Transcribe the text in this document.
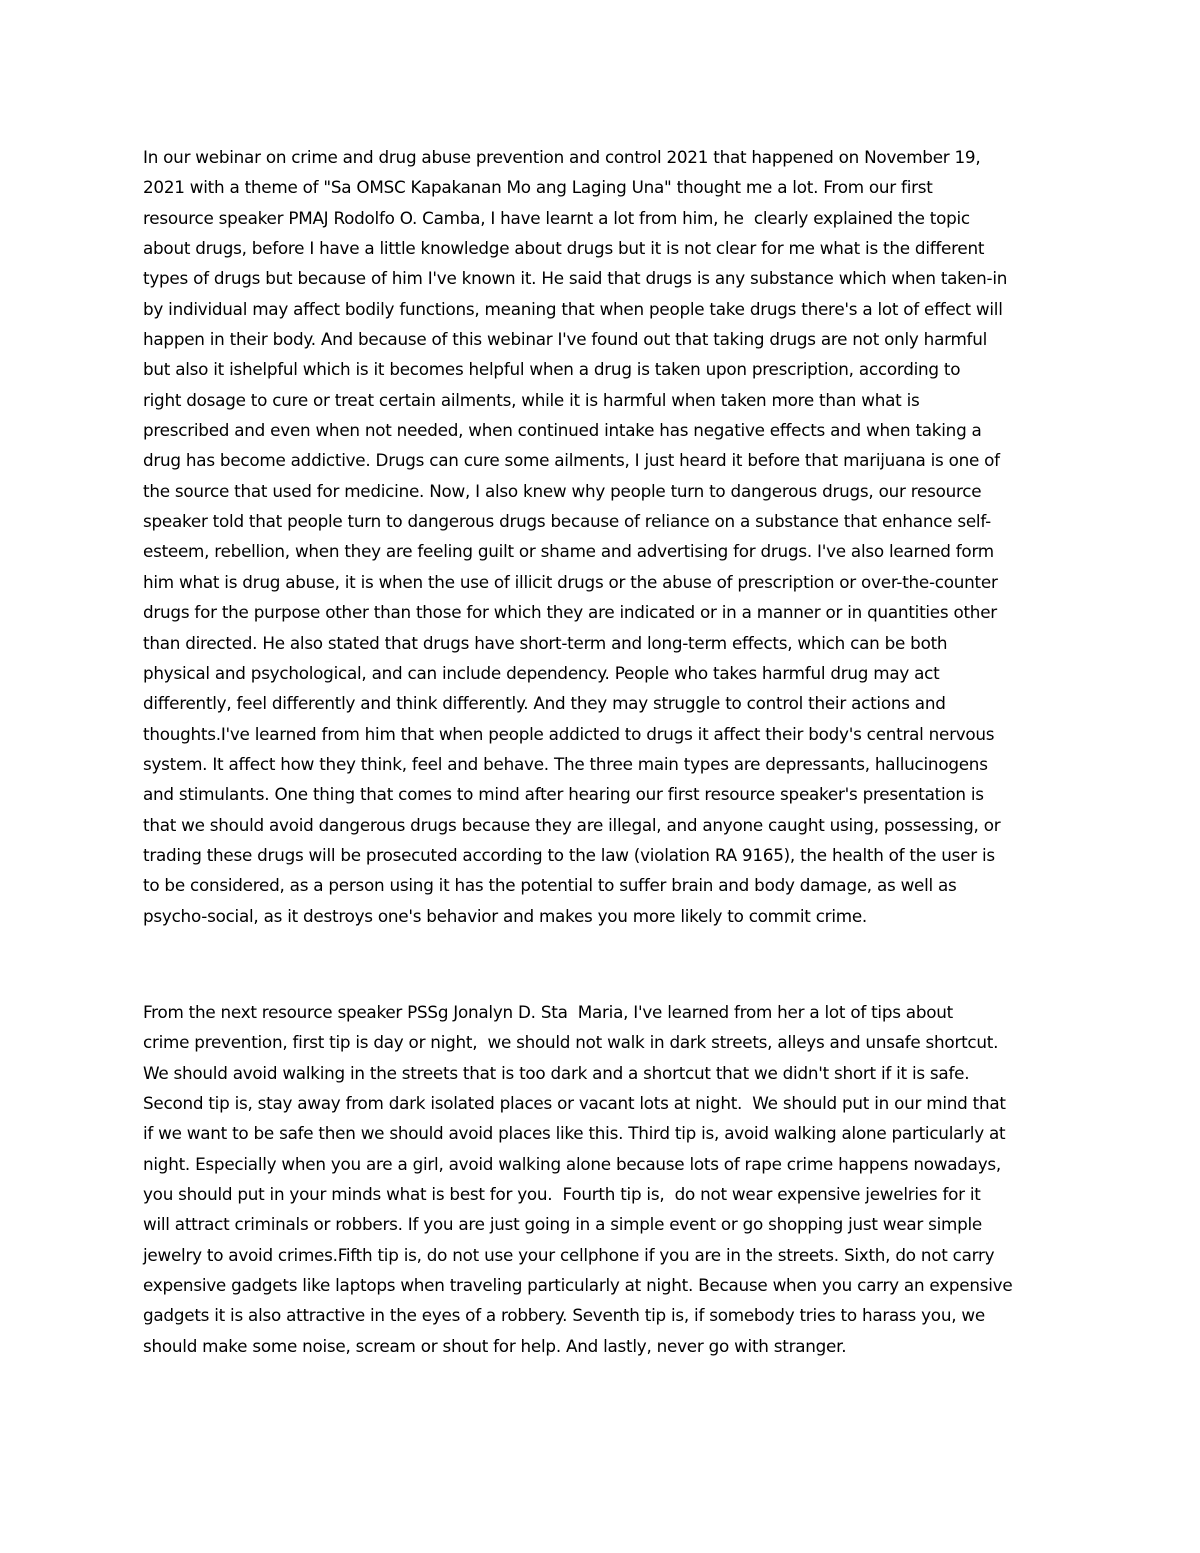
In our webinar on crime and drug abuse prevention and control 2021 that happened on November 19,
2021 with a theme of "Sa OMSC Kapakanan Mo ang Laging Una" thought me a lot. From our first
resource speaker PMAJ Rodolfo O. Camba, I have learnt a lot from him, he  clearly explained the topic
about drugs, before I have a little knowledge about drugs but it is not clear for me what is the different
types of drugs but because of him I've known it. He said that drugs is any substance which when taken-in
by individual may affect bodily functions, meaning that when people take drugs there's a lot of effect will
happen in their body. And because of this webinar I've found out that taking drugs are not only harmful
but also it ishelpful which is it becomes helpful when a drug is taken upon prescription, according to
right dosage to cure or treat certain ailments, while it is harmful when taken more than what is
prescribed and even when not needed, when continued intake has negative effects and when taking a
drug has become addictive. Drugs can cure some ailments, I just heard it before that marijuana is one of
the source that used for medicine. Now, I also knew why people turn to dangerous drugs, our resource
speaker told that people turn to dangerous drugs because of reliance on a substance that enhance self-
esteem, rebellion, when they are feeling guilt or shame and advertising for drugs. I've also learned form
him what is drug abuse, it is when the use of illicit drugs or the abuse of prescription or over-the-counter
drugs for the purpose other than those for which they are indicated or in a manner or in quantities other
than directed. He also stated that drugs have short-term and long-term effects, which can be both
physical and psychological, and can include dependency. People who takes harmful drug may act
differently, feel differently and think differently. And they may struggle to control their actions and
thoughts.I've learned from him that when people addicted to drugs it affect their body's central nervous
system. It affect how they think, feel and behave. The three main types are depressants, hallucinogens
and stimulants. One thing that comes to mind after hearing our first resource speaker's presentation is
that we should avoid dangerous drugs because they are illegal, and anyone caught using, possessing, or
trading these drugs will be prosecuted according to the law (violation RA 9165), the health of the user is
to be considered, as a person using it has the potential to suffer brain and body damage, as well as
psycho-social, as it destroys one's behavior and makes you more likely to commit crime.

From the next resource speaker PSSg Jonalyn D. Sta  Maria, I've learned from her a lot of tips about
crime prevention, first tip is day or night,  we should not walk in dark streets, alleys and unsafe shortcut.
We should avoid walking in the streets that is too dark and a shortcut that we didn't short if it is safe.
Second tip is, stay away from dark isolated places or vacant lots at night.  We should put in our mind that
if we want to be safe then we should avoid places like this. Third tip is, avoid walking alone particularly at
night. Especially when you are a girl, avoid walking alone because lots of rape crime happens nowadays,
you should put in your minds what is best for you.  Fourth tip is,  do not wear expensive jewelries for it
will attract criminals or robbers. If you are just going in a simple event or go shopping just wear simple
jewelry to avoid crimes.Fifth tip is, do not use your cellphone if you are in the streets. Sixth, do not carry
expensive gadgets like laptops when traveling particularly at night. Because when you carry an expensive
gadgets it is also attractive in the eyes of a robbery. Seventh tip is, if somebody tries to harass you, we
should make some noise, scream or shout for help. And lastly, never go with stranger.
